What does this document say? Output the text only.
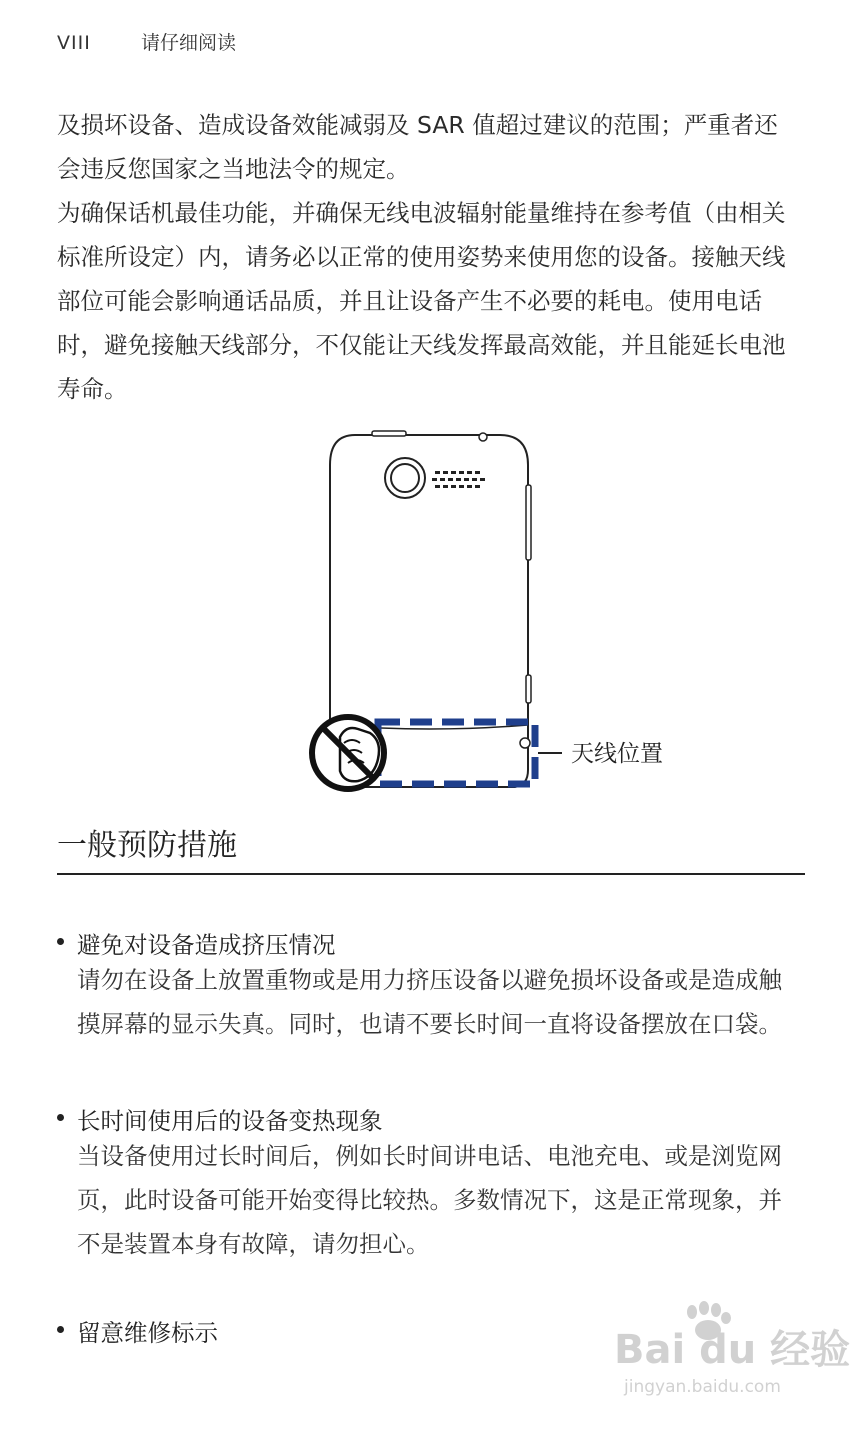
VIII	请仔细阅读
及损坏设备、造成设备效能减弱及 SAR 值超过建议的范围；严重者还
会违反您国家之当地法令的规定。
为确保话机最佳功能，并确保无线电波辐射能量维持在参考值（由相关
标准所设定）内，请务必以正常的使用姿势来使用您的设备。接触天线
部位可能会影响通话品质，并且让设备产生不必要的耗电。使用电话
时，避免接触天线部分，不仅能让天线发挥最高效能，并且能延长电池
寿命。
天线位置
一般预防措施
避免对设备造成挤压情况
请勿在设备上放置重物或是用力挤压设备以避免损坏设备或是造成触
摸屏幕的显示失真。同时，也请不要长时间一直将设备摆放在口袋。
长时间使用后的设备变热现象
当设备使用过长时间后，例如长时间讲电话、电池充电、或是浏览网
页，此时设备可能开始变得比较热。多数情况下，这是正常现象，并
不是装置本身有故障，请勿担心。
留意维修标示	Bai du 经验
jingyan.baidu.com
